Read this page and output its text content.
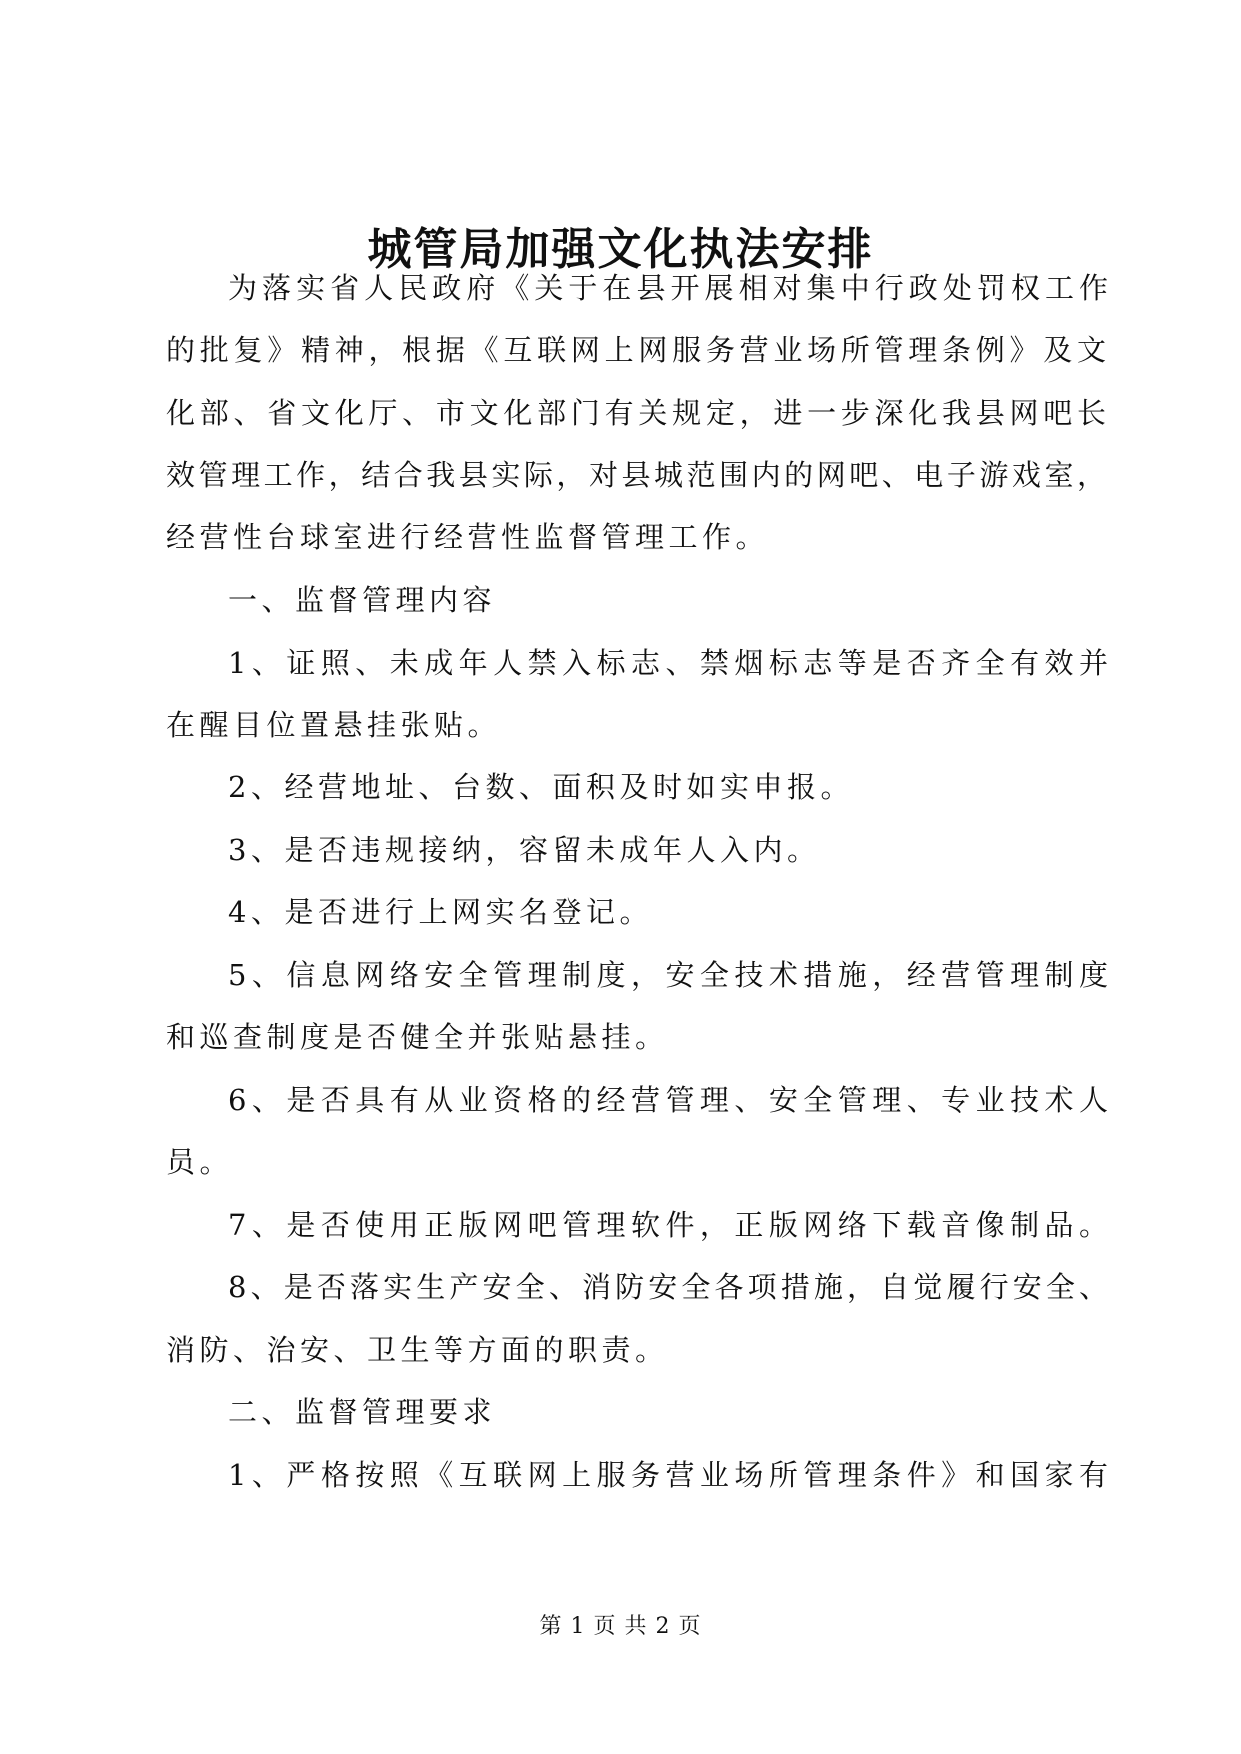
城管局加强文化执法安排

为落实省人民政府《关于在县开展相对集中行政处罚权工作

的批复》精神，根据《互联网上网服务营业场所管理条例》及文

化部、省文化厅、市文化部门有关规定，进一步深化我县网吧长

效管理工作，结合我县实际，对县城范围内的网吧、电子游戏室，

经营性台球室进行经营性监督管理工作。

一、监督管理内容

1、证照、未成年人禁入标志、禁烟标志等是否齐全有效并

在醒目位置悬挂张贴。

2、经营地址、台数、面积及时如实申报。

3、是否违规接纳，容留未成年人入内。

4、是否进行上网实名登记。

5、信息网络安全管理制度，安全技术措施，经营管理制度

和巡查制度是否健全并张贴悬挂。

6、是否具有从业资格的经营管理、安全管理、专业技术人

员。

7、是否使用正版网吧管理软件，正版网络下载音像制品。

8、是否落实生产安全、消防安全各项措施，自觉履行安全、

消防、治安、卫生等方面的职责。

二、监督管理要求

1、严格按照《互联网上服务营业场所管理条件》和国家有

第 1 页 共 2 页
